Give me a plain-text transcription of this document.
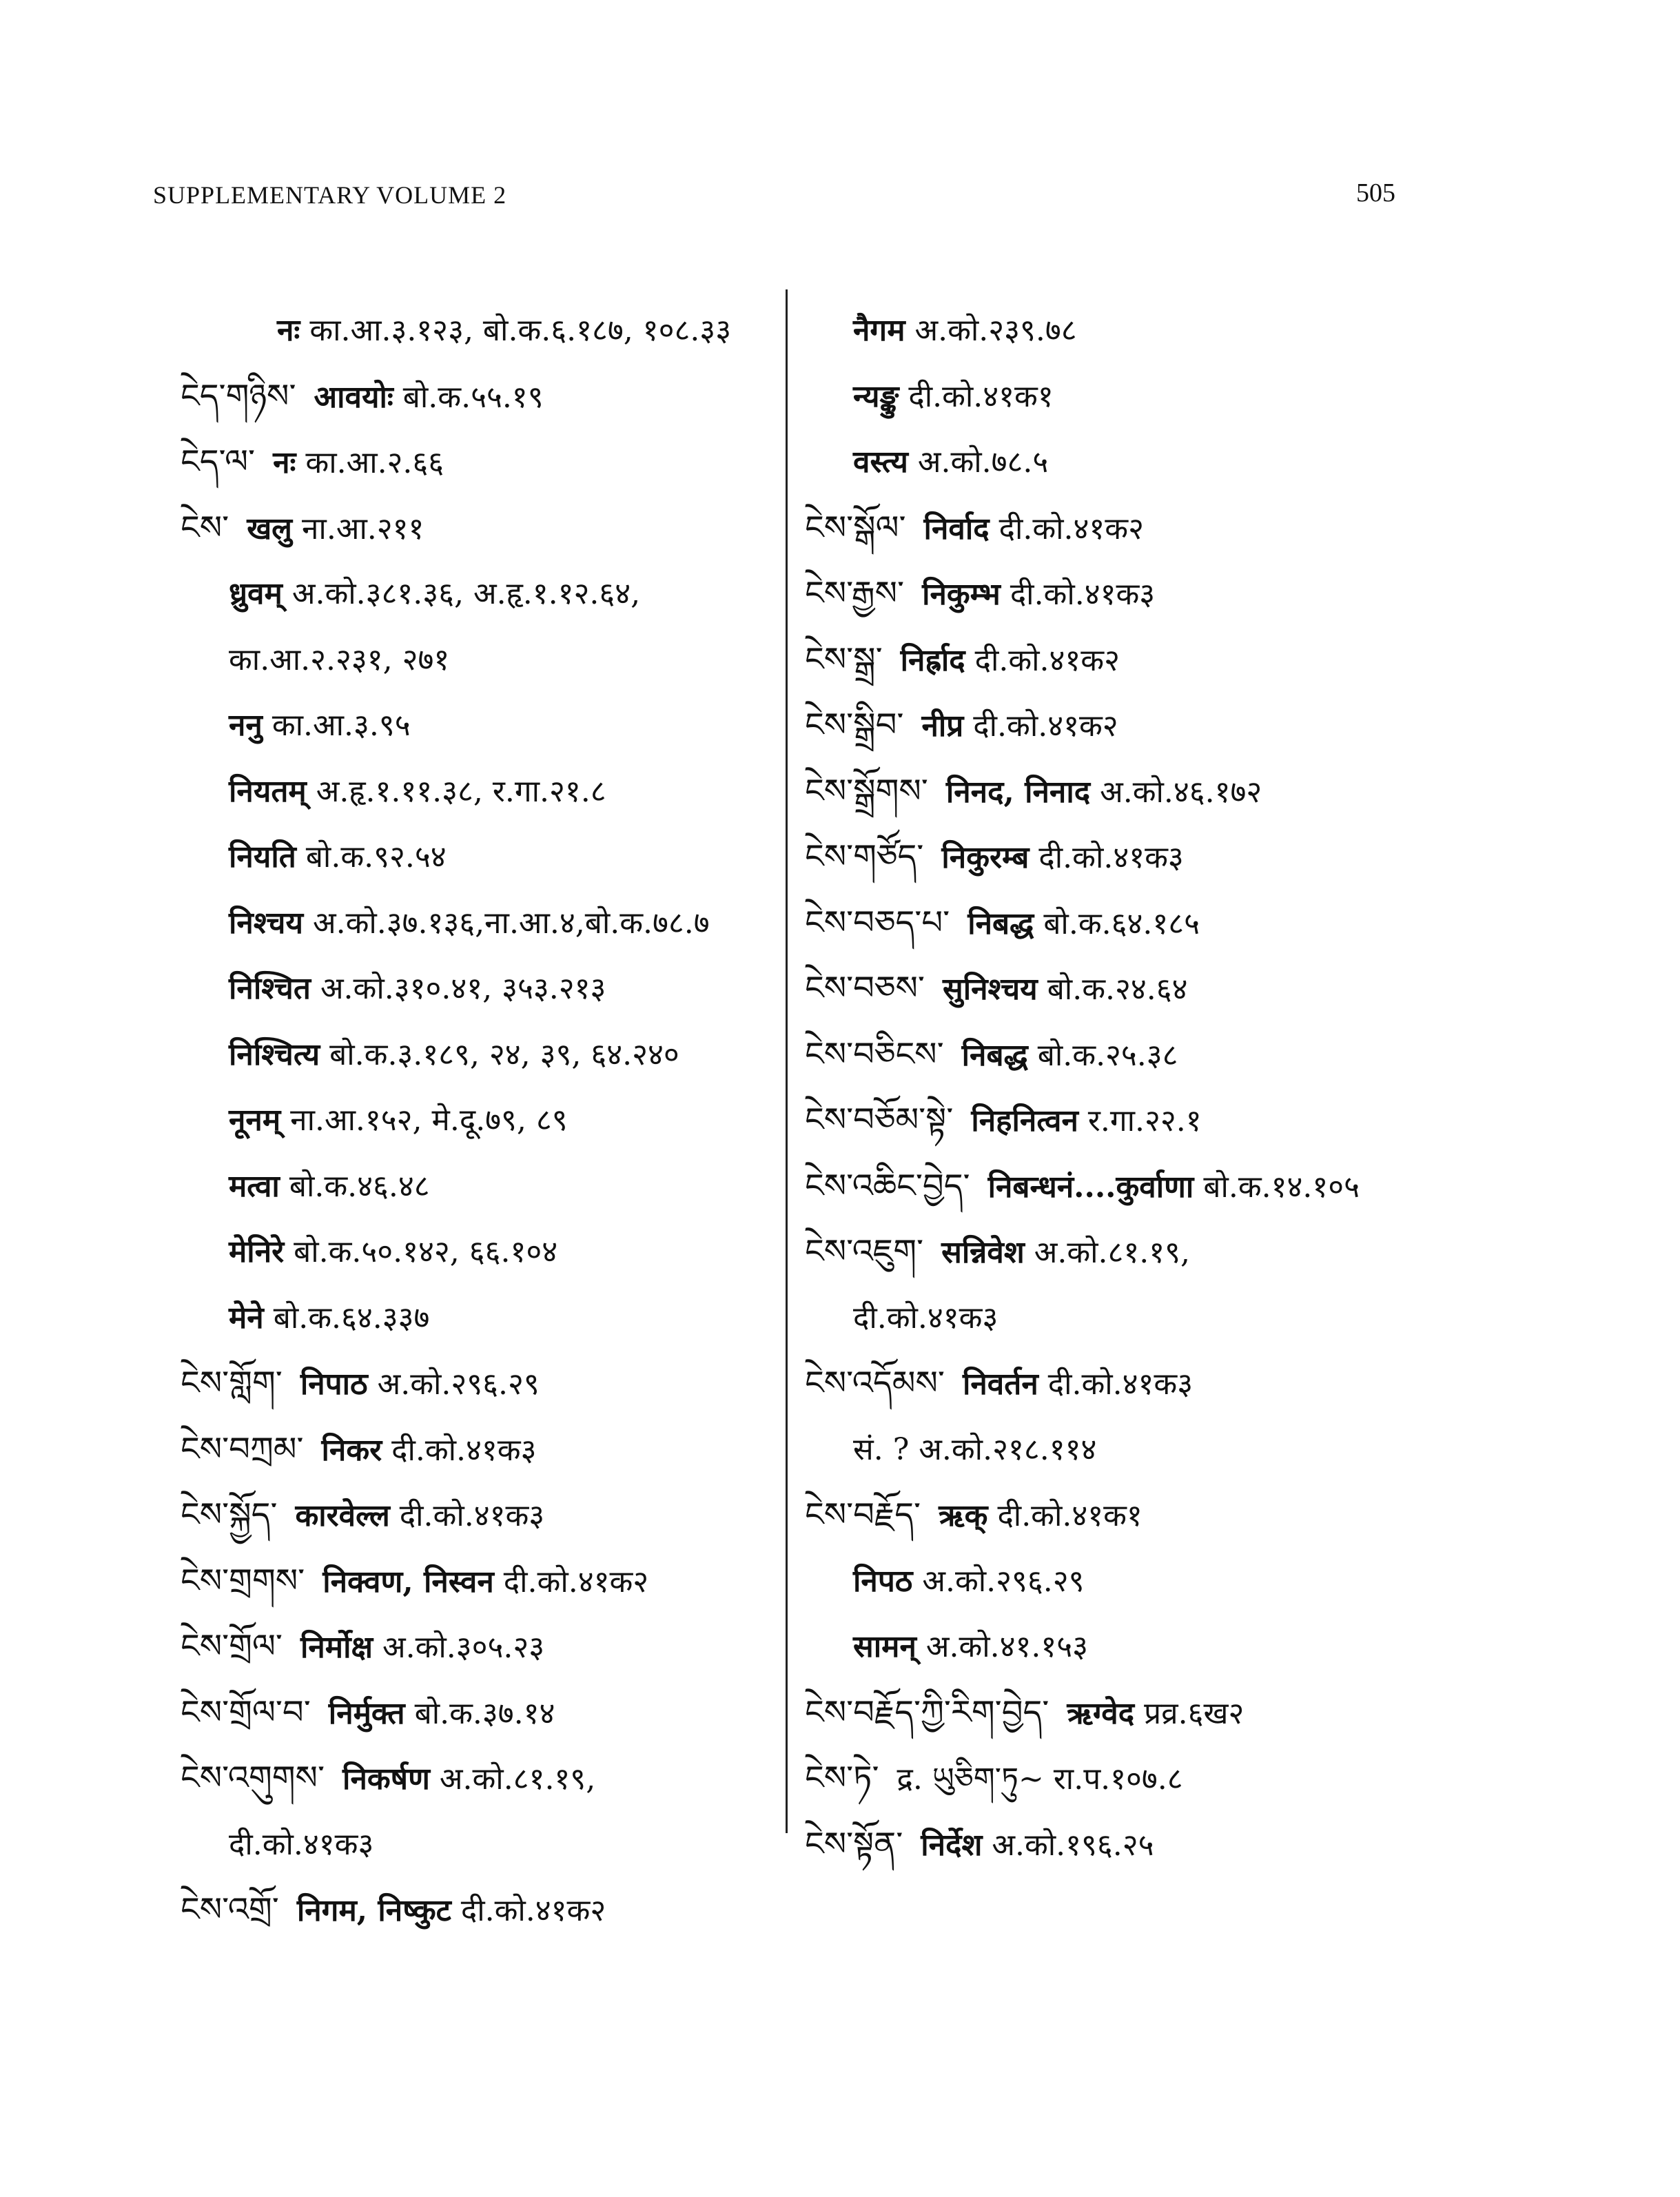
SUPPLEMENTARY VOLUME 2	505
नः का.आ.३.१२३, बो.क.६.१८७, १०८.३३
ངེད་གཉིས་ आवयोः बो.क.५५.१९
ངེད་ལ་ नः का.आ.२.६६
ངེས་ खलु ना.आ.२११
ध्रुवम् अ.को.३८१.३६, अ.हृ.१.१२.६४,
का.आ.२.२३१, २७१
ननु का.आ.३.९५
नियतम् अ.हृ.१.११.३८, र.गा.२१.८
नियति बो.क.९२.५४
निश्चय अ.को.३७.१३६,ना.आ.४,बो.क.७८.७
निश्चित अ.को.३१०.४१, ३५३.२१३
निश्चित्य बो.क.३.१८९, २४, ३९, ६४.२४०
नूनम् ना.आ.१५२, मे.दू.७९, ८९
मत्वा बो.क.४६.४८
मेनिरे बो.क.५०.१४२, ६६.१०४
मेने बो.क.६४.३३७
ངེས་གློག་ निपाठ अ.को.२९६.२९
ངེས་བཀྲམ་ निकर दी.को.४१क३
ངེས་སྐྱོད་ कारवेल्ल दी.को.४१क३
ངེས་གྲགས་ निक्वण, निस्वन दी.को.४१क२
ངེས་གྲོལ་ निर्मोक्ष अ.को.३०५.२३
ངེས་གྲོལ་བ་ निर्मुक्त बो.क.३७.१४
ངེས་འགུགས་ निकर्षण अ.को.८१.१९,
दी.को.४१क३
ངེས་འགྲོ་ निगम, निष्कुट दी.को.४१क२
नैगम अ.को.२३९.७८
न्यङ्कु दी.को.४१क१
वस्त्य अ.को.७८.५
ངེས་སྒོལ་ निर्वाद दी.को.४१क२
ངེས་རྒྱས་ निकुम्भ दी.को.४१क३
ངེས་སྒྲ་ निर्ह्राद दी.को.४१क२
ངེས་སྒྲིབ་ नीप्र दी.को.४१क२
ངེས་སྒྲོགས་ निनद, निनाद अ.को.४६.१७२
ངེས་གཙོད་ निकुरम्ब दी.को.४१क३
ངེས་བཅད་པ་ निबद्ध बो.क.६४.१८५
ངེས་བཅས་ सुनिश्चय बो.क.२४.६४
ངེས་བཅིངས་ निबद्ध बो.क.२५.३८
ངེས་བཅོམ་སྟེ་ निहनित्वन र.गा.२२.१
ངེས་འཆིང་བྱེད་ निबन्धनं....कुर्वाणा बो.क.१४.१०५
ངེས་འཇུག་ सन्निवेश अ.को.८१.१९,
दी.को.४१क३
ངེས་འདོམས་ निवर्तन दी.को.४१क३
सं. ? अ.को.२१८.११४
ངེས་བརྗོད་ ऋक् दी.को.४१क१
निपठ अ.को.२९६.२९
सामन् अ.को.४१.१५३
ངེས་བརྗོད་ཀྱི་རིག་བྱེད་ ऋग्वेद प्रव्र.६ख२
ངེས་ཏེ་ द्र. ཡུཅིག་ཏུ~ रा.प.१०७.८
ངེས་སྟོན་ निर्देश अ.को.१९६.२५
